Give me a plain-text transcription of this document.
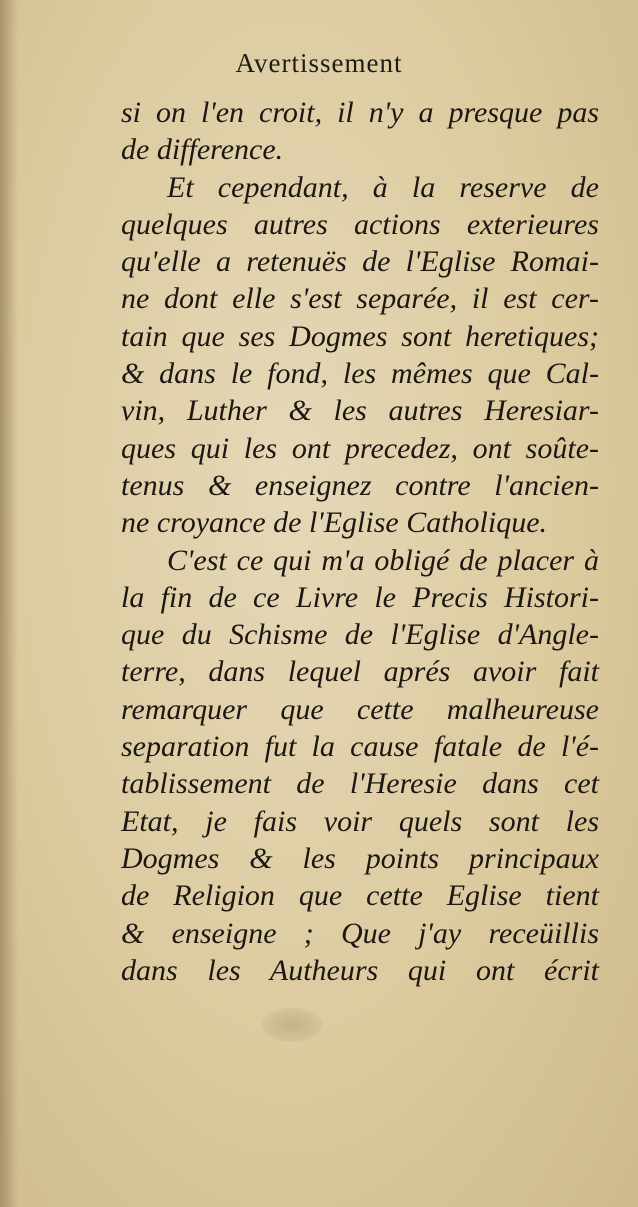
Avertissement
si on l'en croit, il n'y a presque pas
de difference.
Et cependant, à la reserve de
quelques autres actions exterieures
qu'elle a retenuës de l'Eglise Romai-
ne dont elle s'est separée, il est cer-
tain que ses Dogmes sont heretiques;
& dans le fond, les mêmes que Cal-
vin, Luther & les autres Heresiar-
ques qui les ont precedez, ont soûte-
tenus & enseignez contre l'ancien-
ne croyance de l'Eglise Catholique.
C'est ce qui m'a obligé de placer à
la fin de ce Livre le Precis Histori-
que du Schisme de l'Eglise d'Angle-
terre, dans lequel aprés avoir fait
remarquer que cette malheureuse
separation fut la cause fatale de l'é-
tablissement de l'Heresie dans cet
Etat, je fais voir quels sont les
Dogmes & les points principaux
de Religion que cette Eglise tient
& enseigne ; Que j'ay receüillis
dans les Autheurs qui ont écrit
